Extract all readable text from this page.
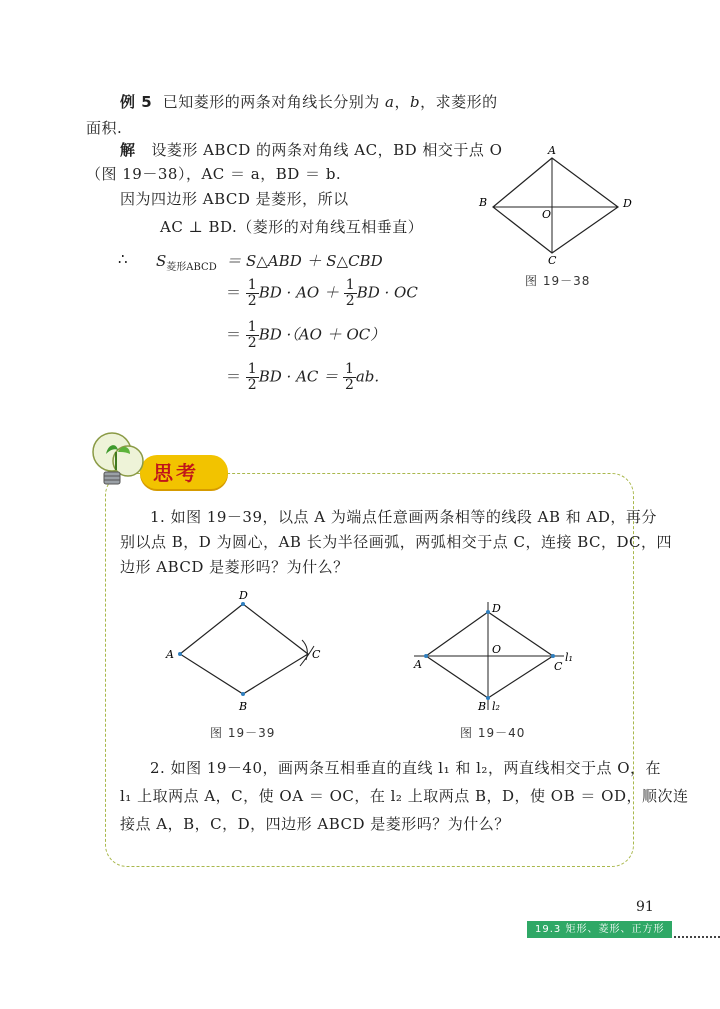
例 5 已知菱形的两条对角线长分别为 a，b，求菱形的
面积.
解 设菱形 ABCD 的两条对角线 AC，BD 相交于点 O
（图 19－38），AC ＝ a，BD ＝ b.
因为四边形 ABCD 是菱形，所以
AC ⊥ BD.（菱形的对角线互相垂直）
∴ $S_{菱形ABCD}$ ＝ S△ABD ＋ S△CBD
＝ $\frac{1}{2}$ BD · AO ＋ $\frac{1}{2}$ BD · OC
＝ $\frac{1}{2}$ BD ·（AO ＋ OC）
＝ $\frac{1}{2}$ BD · AC ＝ $\frac{1}{2}$ ab.
A
B
C
D
O
图 19－38
思考
1. 如图 19－39，以点 A 为端点任意画两条相等的线段 AB 和 AD，再分
别以点 B，D 为圆心，AB 长为半径画弧，两弧相交于点 C，连接 BC，DC，四
边形 ABCD 是菱形吗？为什么？
D
A
B
C
图 19－39
D
A	C
B
O
l₁
l₂
图 19－40
2. 如图 19－40，画两条互相垂直的直线 l₁ 和 l₂，两直线相交于点 O，在
l₁ 上取两点 A，C，使 OA ＝ OC，在 l₂ 上取两点 B，D，使 OB ＝ OD，顺次连
接点 A，B，C，D，四边形 ABCD 是菱形吗？为什么？
91
19.3 矩形、菱形、正方形
